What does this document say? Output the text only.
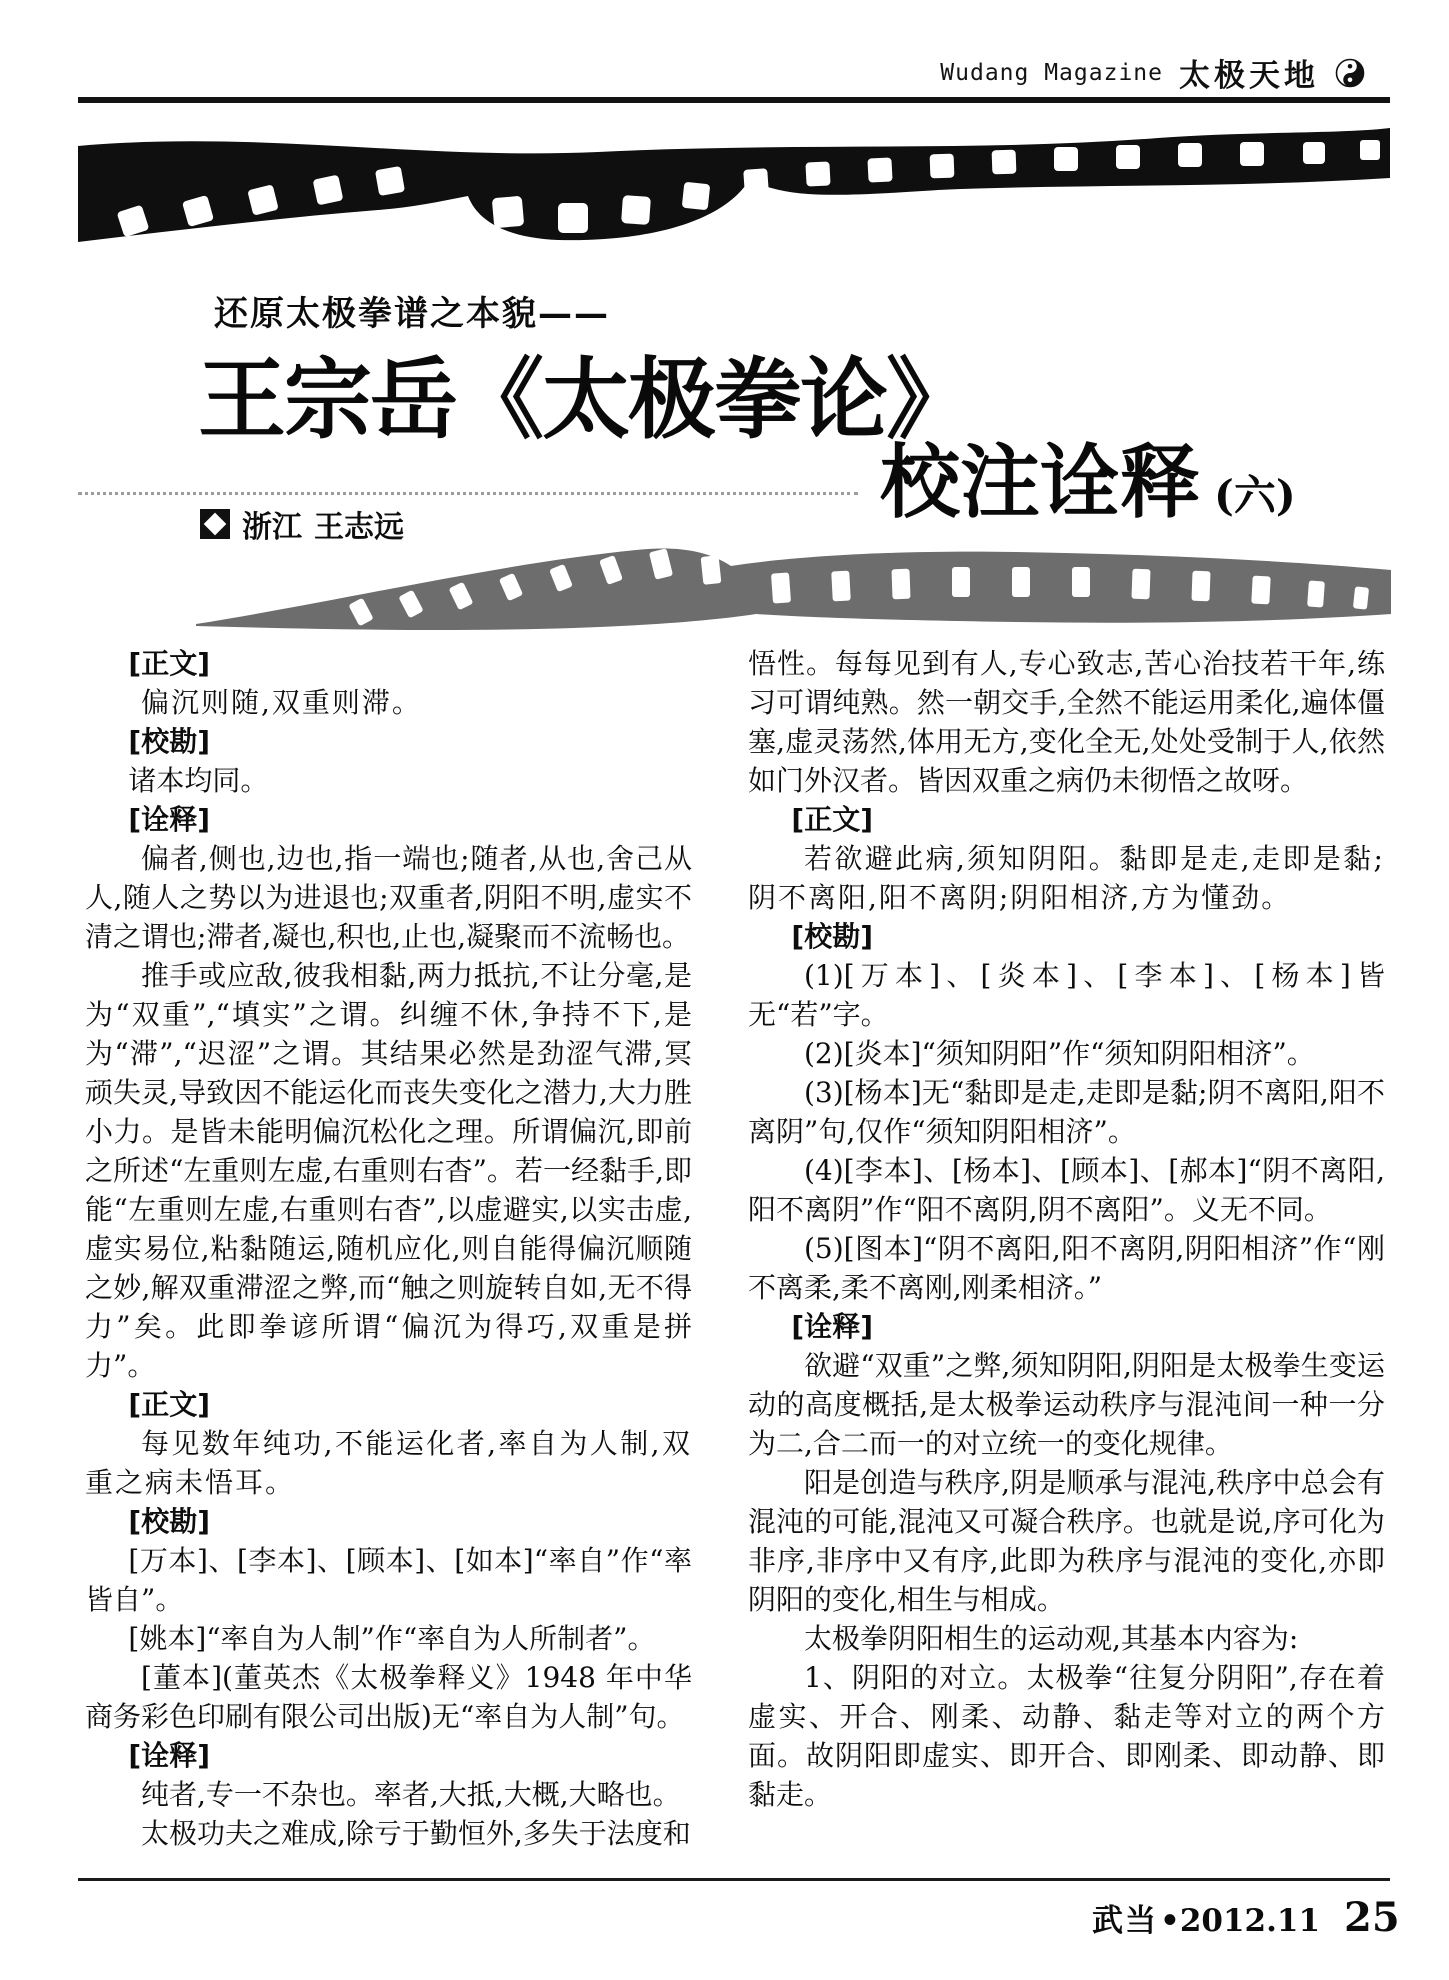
Wudang Magazine 太极天地
还原太极拳谱之本貌——
王宗岳《太极拳论》
校注诠释 (六)
浙江 王志远

[正文]

偏沉则随,双重则滞。

[校勘]

诸本均同。

[诠释]

偏者,侧也,边也,指一端也;随者,从也,舍己从人,随人之势以为进退也;双重者,阴阳不明,虚实不清之谓也;滞者,凝也,积也,止也,凝聚而不流畅也。

推手或应敌,彼我相黏,两力抵抗,不让分毫,是为“双重”,“填实”之谓。纠缠不休,争持不下,是为“滞”,“迟涩”之谓。其结果必然是劲涩气滞,冥顽失灵,导致因不能运化而丧失变化之潜力,大力胜小力。是皆未能明偏沉松化之理。所谓偏沉,即前之所述“左重则左虚,右重则右杳”。若一经黏手,即能“左重则左虚,右重则右杳”,以虚避实,以实击虚,虚实易位,粘黏随运,随机应化,则自能得偏沉顺随之妙,解双重滞涩之弊,而“触之则旋转自如,无不得力”矣。此即拳谚所谓“偏沉为得巧,双重是拼力”。

[正文]

每见数年纯功,不能运化者,率自为人制,双重之病未悟耳。

[校勘]

[万本]、[李本]、[顾本]、[如本]“率自”作“率皆自”。

[姚本]“率自为人制”作“率自为人所制者”。

[董本](董英杰《太极拳释义》1948 年中华商务彩色印刷有限公司出版)无“率自为人制”句。

[诠释]

纯者,专一不杂也。率者,大抵,大概,大略也。

太极功夫之难成,除亏于勤恒外,多失于法度和

悟性。每每见到有人,专心致志,苦心治技若干年,练习可谓纯熟。然一朝交手,全然不能运用柔化,遍体僵塞,虚灵荡然,体用无方,变化全无,处处受制于人,依然如门外汉者。皆因双重之病仍未彻悟之故呀。

[正文]

若欲避此病,须知阴阳。黏即是走,走即是黏;阴不离阳,阳不离阴;阴阳相济,方为懂劲。

[校勘]

(1)[万本]、[炎本]、[李本]、[杨本]皆无“若”字。

(2)[炎本]“须知阴阳”作“须知阴阳相济”。

(3)[杨本]无“黏即是走,走即是黏;阴不离阳,阳不离阴”句,仅作“须知阴阳相济”。

(4)[李本]、[杨本]、[顾本]、[郝本]“阴不离阳,阳不离阴”作“阳不离阴,阴不离阳”。义无不同。

(5)[图本]“阴不离阳,阳不离阴,阴阳相济”作“刚不离柔,柔不离刚,刚柔相济。”

[诠释]

欲避“双重”之弊,须知阴阳,阴阳是太极拳生变运动的高度概括,是太极拳运动秩序与混沌间一种一分为二,合二而一的对立统一的变化规律。

阳是创造与秩序,阴是顺承与混沌,秩序中总会有混沌的可能,混沌又可凝合秩序。也就是说,序可化为非序,非序中又有序,此即为秩序与混沌的变化,亦即阴阳的变化,相生与相成。

太极拳阴阳相生的运动观,其基本内容为:

1、阴阳的对立。太极拳“往复分阴阳”,存在着虚实、开合、刚柔、动静、黏走等对立的两个方面。故阴阳即虚实、即开合、即刚柔、即动静、即黏走。

武当 •2012.11 25
